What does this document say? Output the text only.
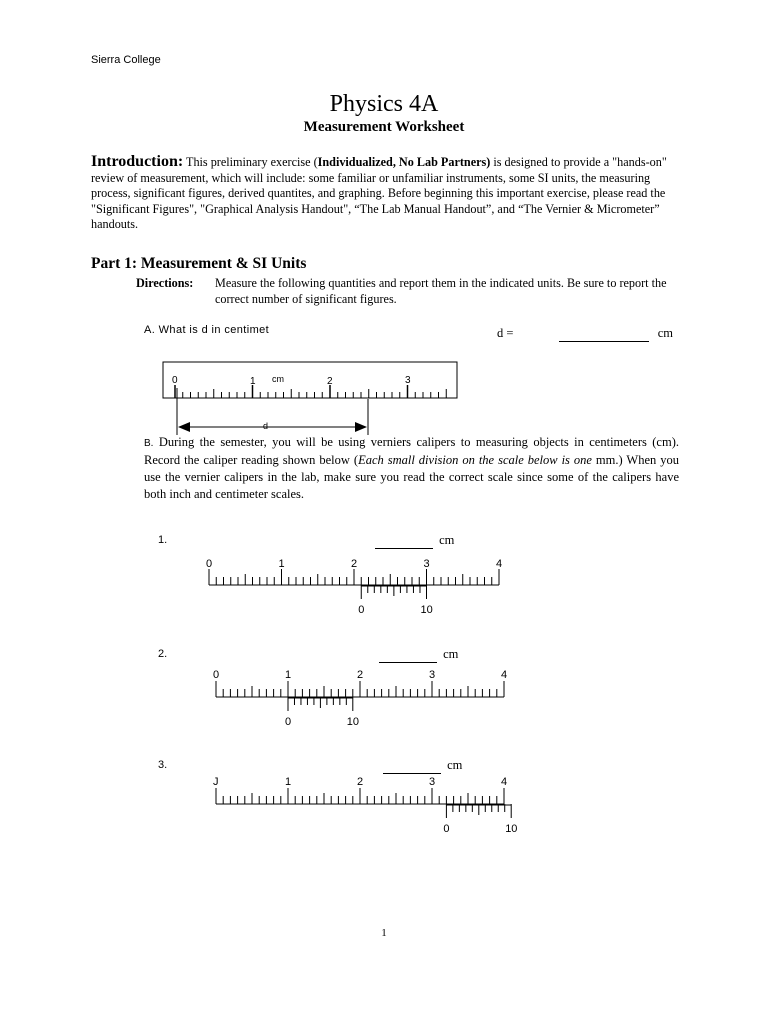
Sierra College
Physics 4A
Measurement Worksheet
Introduction: This preliminary exercise (Individualized, No Lab Partners) is designed to provide a "hands-on" review of measurement, which will include: some familiar or unfamiliar instruments, some SI units, the measuring process, significant figures, derived quantites, and graphing. Before beginning this important exercise, please read the "Significant Figures", "Graphical Analysis Handout", “The Lab Manual Handout”, and “The Vernier & Micrometer” handouts.
Part 1: Measurement & SI Units
Directions: Measure the following quantities and report them in the indicated units. Be sure to report the correct number of significant figures.
A. What is d in centimet	d =	cm
0	1 cm	2	3
d
0	1	2	3	4
0	10
0	1	2	3	4
0	10
J	1	2	3	4
0	10
B. During the semester, you will be using verniers calipers to measuring objects in centimeters (cm). Record the caliper reading shown below (Each small division on the scale below is one mm.) When you use the vernier calipers in the lab, make sure you read the correct scale since some of the calipers have both inch and centimeter scales.
1.	cm
2.	cm
3.	cm
1
